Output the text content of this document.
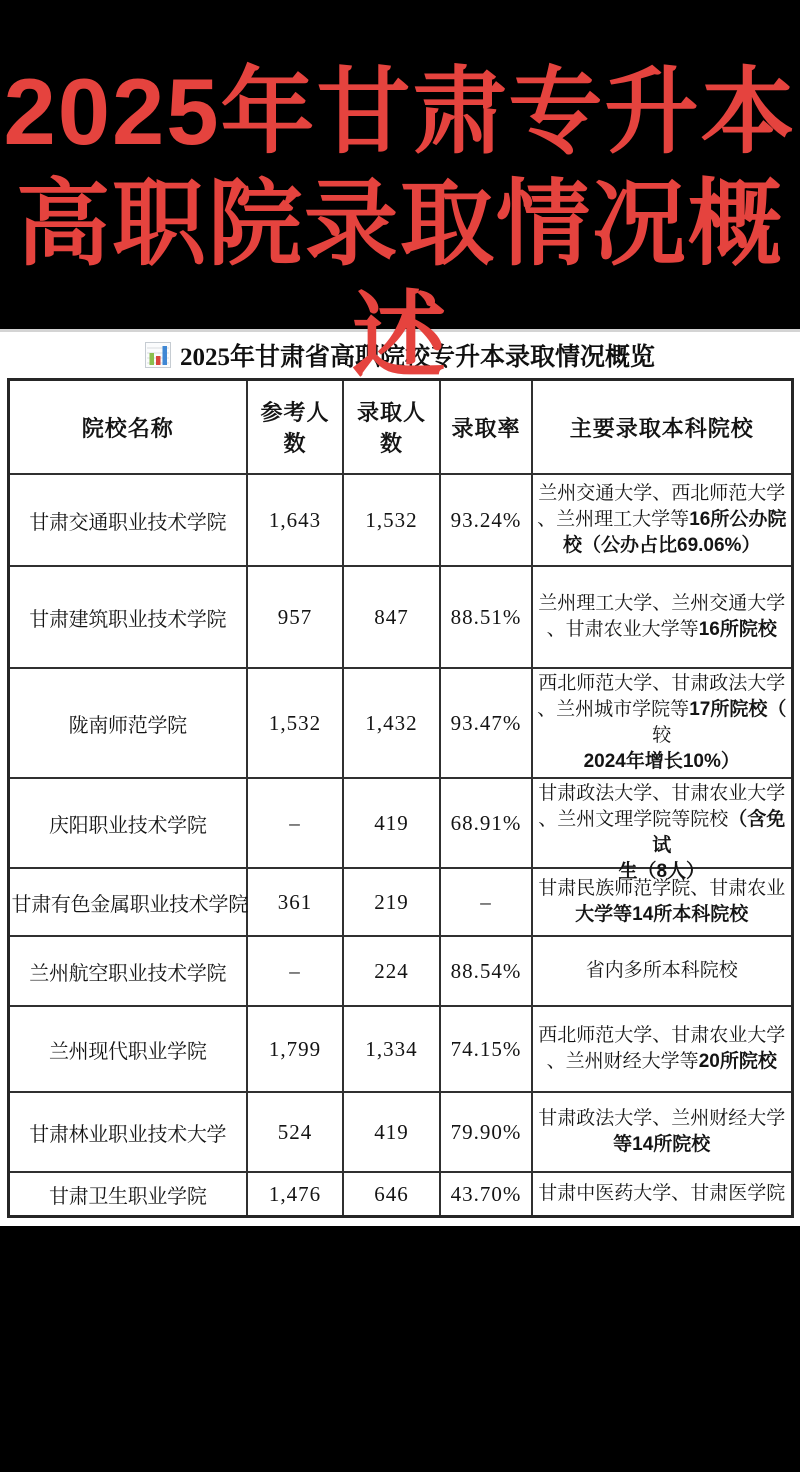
2025年甘肃专升本
高职院录取情况概
述
2025年甘肃省高职院校专升本录取情况概览
院校名称	参考人数	录取人数	录取率	主要录取本科院校
甘肃交通职业技术学院	1,643	1,532	93.24%	兰州交通大学、西北师范大学
、兰州理工大学等16所公办院
校（公办占比69.06%）

甘肃建筑职业技术学院	957	847	88.51%	兰州理工大学、兰州交通大学
、甘肃农业大学等16所院校

陇南师范学院	1,532	1,432	93.47%	西北师范大学、甘肃政法大学
、兰州城市学院等17所院校（
较
2024年增长10%）

庆阳职业技术学院	–	419	68.91%	甘肃政法大学、甘肃农业大学
、兰州文理学院等院校（含免
试
生（8人）

甘肃有色金属职业技术学院	361	219	–	甘肃民族师范学院、甘肃农业
大学等14所本科院校

兰州航空职业技术学院	–	224	88.54%	省内多所本科院校

兰州现代职业学院	1,799	1,334	74.15%	西北师范大学、甘肃农业大学
、兰州财经大学等20所院校

甘肃林业职业技术大学	524	419	79.90%	甘肃政法大学、兰州财经大学
等14所院校

甘肃卫生职业学院	1,476	646	43.70%	甘肃中医药大学、甘肃医学院
